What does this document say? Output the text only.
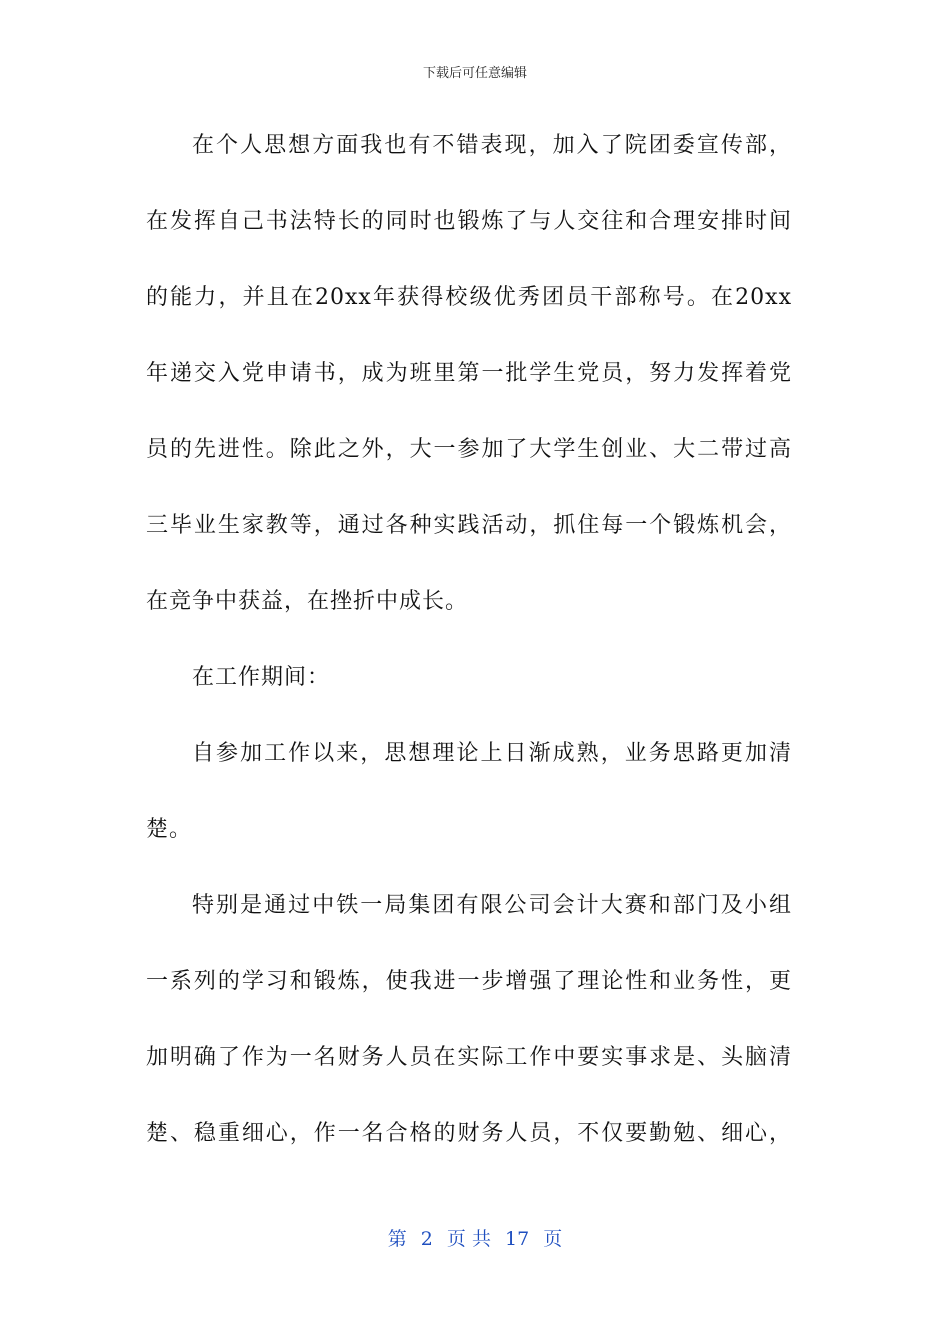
下载后可任意编辑
在个人思想方面我也有不错表现，加入了院团委宣传部，
在发挥自己书法特长的同时也锻炼了与人交往和合理安排时间
的能力，并且在20xx年获得校级优秀团员干部称号。在20xx
年递交入党申请书，成为班里第一批学生党员，努力发挥着党
员的先进性。除此之外，大一参加了大学生创业、大二带过高
三毕业生家教等，通过各种实践活动，抓住每一个锻炼机会，
在竞争中获益，在挫折中成长。
在工作期间：
自参加工作以来，思想理论上日渐成熟，业务思路更加清
楚。
特别是通过中铁一局集团有限公司会计大赛和部门及小组
一系列的学习和锻炼，使我进一步增强了理论性和业务性，更
加明确了作为一名财务人员在实际工作中要实事求是、头脑清
楚、稳重细心，作一名合格的财务人员，不仅要勤勉、细心，
第 2 页 共 17 页
